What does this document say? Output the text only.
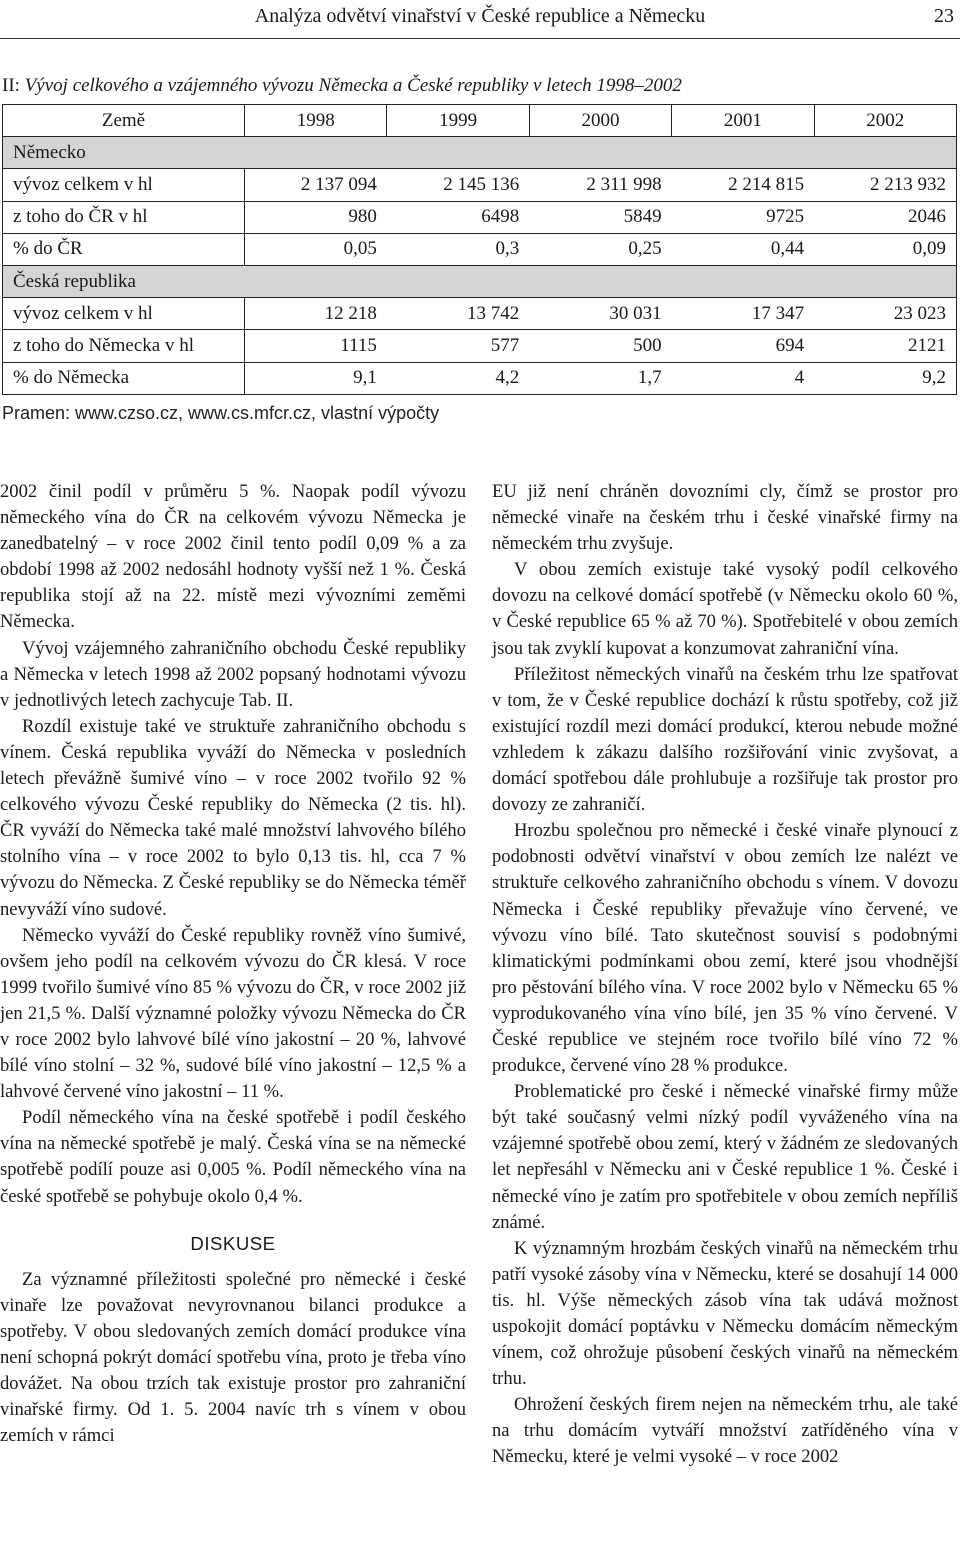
Analýza odvětví vinařství v České republice a Německu	23
II: Vývoj celkového a vzájemného vývozu Německa a České republiky v letech 1998–2002
Země	1998	1999	2000	2001	2002
Německo					
vývoz celkem v hl	2 137 094	2 145 136	2 311 998	2 214 815	2 213 932
z toho do ČR v hl	980	6498	5849	9725	2046
% do ČR	0,05	0,3	0,25	0,44	0,09
Česká republika					
vývoz celkem v hl	12 218	13 742	30 031	17 347	23 023
z toho do Německa v hl	1115	577	500	694	2121
% do Německa	9,1	4,2	1,7	4	9,2
Pramen: www.czso.cz, www.cs.mfcr.cz, vlastní výpočty

2002 činil podíl v průměru 5 %. Naopak podíl vývozu německého vína do ČR na celkovém vývozu Německa je zanedbatelný – v roce 2002 činil tento podíl 0,09 % a za období 1998 až 2002 nedosáhl hodnoty vyšší než 1 %. Česká republika stojí až na 22. místě mezi vývozními zeměmi Německa.

Vývoj vzájemného zahraničního obchodu České republiky a Německa v letech 1998 až 2002 popsaný hodnotami vývozu v jednotlivých letech zachycuje Tab. II.

Rozdíl existuje také ve struktuře zahraničního obchodu s vínem. Česká republika vyváží do Německa v posledních letech převážně šumivé víno – v roce 2002 tvořilo 92 % celkového vývozu České republiky do Německa (2 tis. hl). ČR vyváží do Německa také malé množství lahvového bílého stolního vína – v roce 2002 to bylo 0,13 tis. hl, cca 7 % vývozu do Německa. Z České republiky se do Německa téměř nevyváží víno sudové.

Německo vyváží do České republiky rovněž víno šumivé, ovšem jeho podíl na celkovém vývozu do ČR klesá. V roce 1999 tvořilo šumivé víno 85 % vývozu do ČR, v roce 2002 již jen 21,5 %. Další významné položky vývozu Německa do ČR v roce 2002 bylo lahvové bílé víno jakostní – 20 %, lahvové bílé víno stolní – 32 %, sudové bílé víno jakostní – 12,5 % a lahvové červené víno jakostní – 11 %.

Podíl německého vína na české spotřebě i podíl českého vína na německé spotřebě je malý. Česká vína se na německé spotřebě podílí pouze asi 0,005 %. Podíl německého vína na české spotřebě se pohybuje okolo 0,4 %.

DISKUSE

Za významné příležitosti společné pro německé i české vinaře lze považovat nevyrovnanou bilanci produkce a spotřeby. V obou sledovaných zemích domácí produkce vína není schopná pokrýt domácí spotřebu vína, proto je třeba víno dovážet. Na obou trzích tak existuje prostor pro zahraniční vinařské firmy. Od 1. 5. 2004 navíc trh s vínem v obou zemích v rámci

EU již není chráněn dovozními cly, čímž se prostor pro německé vinaře na českém trhu i české vinařské firmy na německém trhu zvyšuje.

V obou zemích existuje také vysoký podíl celkového dovozu na celkové domácí spotřebě (v Německu okolo 60 %, v České republice 65 % až 70 %). Spotřebitelé v obou zemích jsou tak zvyklí kupovat a konzumovat zahraniční vína.

Příležitost německých vinařů na českém trhu lze spatřovat v tom, že v České republice dochází k růstu spotřeby, což již existující rozdíl mezi domácí produkcí, kterou nebude možné vzhledem k zákazu dalšího rozšiřování vinic zvyšovat, a domácí spotřebou dále prohlubuje a rozšiřuje tak prostor pro dovozy ze zahraničí.

Hrozbu společnou pro německé i české vinaře plynoucí z podobnosti odvětví vinařství v obou zemích lze nalézt ve struktuře celkového zahraničního obchodu s vínem. V dovozu Německa i České republiky převažuje víno červené, ve vývozu víno bílé. Tato skutečnost souvisí s podobnými klimatickými podmínkami obou zemí, které jsou vhodnější pro pěstování bílého vína. V roce 2002 bylo v Německu 65 % vyprodukovaného vína víno bílé, jen 35 % víno červené. V České republice ve stejném roce tvořilo bílé víno 72 % produkce, červené víno 28 % produkce.

Problematické pro české i německé vinařské firmy může být také současný velmi nízký podíl vyváženého vína na vzájemné spotřebě obou zemí, který v žádném ze sledovaných let nepřesáhl v Německu ani v České republice 1 %. České i německé víno je zatím pro spotřebitele v obou zemích nepříliš známé.

K významným hrozbám českých vinařů na německém trhu patří vysoké zásoby vína v Německu, které se dosahují 14 000 tis. hl. Výše německých zásob vína tak udává možnost uspokojit domácí poptávku v Německu domácím německým vínem, což ohrožuje působení českých vinařů na německém trhu.

Ohrožení českých firem nejen na německém trhu, ale také na trhu domácím vytváří množství zatříděného vína v Německu, které je velmi vysoké – v roce 2002
